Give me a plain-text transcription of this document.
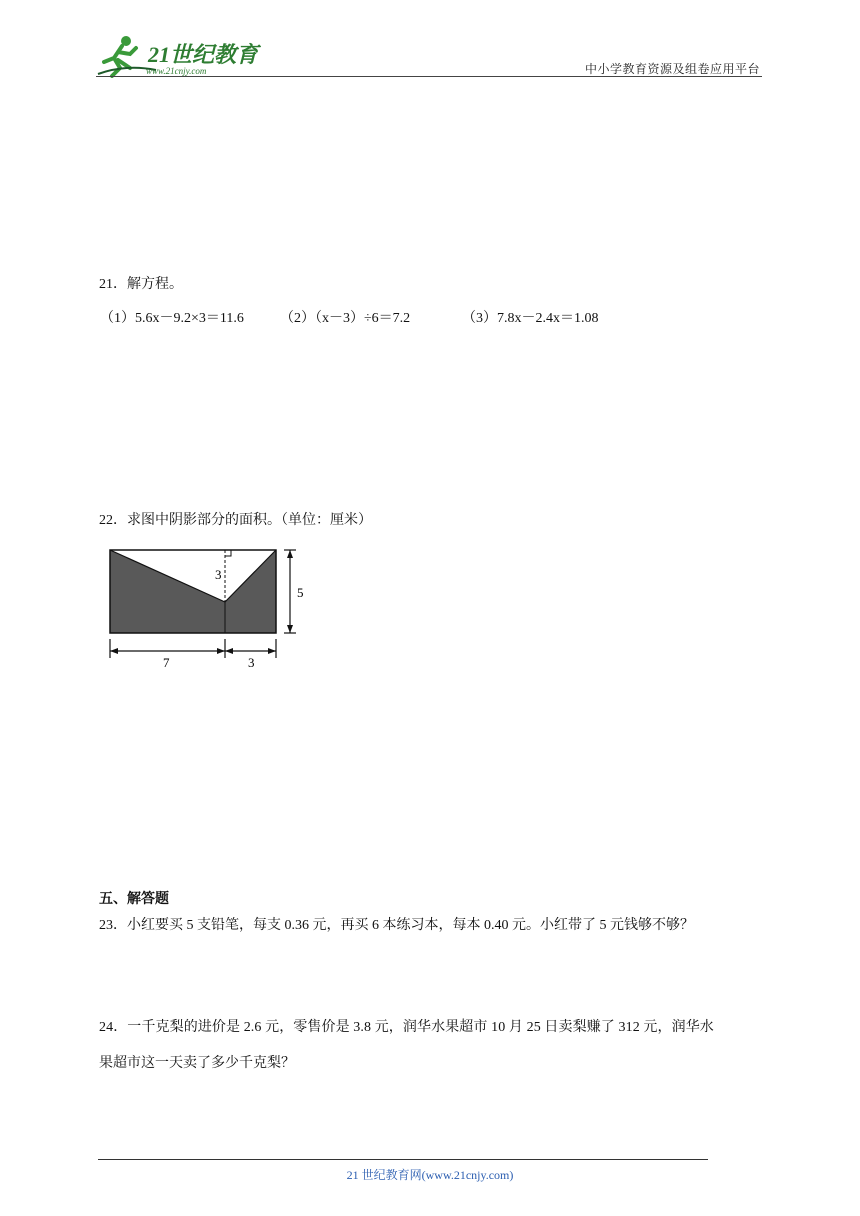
21世纪教育
www.21cnjy.com	中小学教育资源及组卷应用平台
21．解方程。
（1）5.6x－9.2×3＝11.6	（2）（x－3）÷6＝7.2	（3）7.8x－2.4x＝1.08
22．求图中阴影部分的面积。（单位：厘米）
3
5
7	3
五、解答题
23．小红要买 5 支铅笔，每支 0.36 元，再买 6 本练习本，每本 0.40 元。小红带了 5 元钱够不够？
24．一千克梨的进价是 2.6 元，零售价是 3.8 元，润华水果超市 10 月 25 日卖梨赚了 312 元，润华水
果超市这一天卖了多少千克梨？
21 世纪教育网(www.21cnjy.com)
